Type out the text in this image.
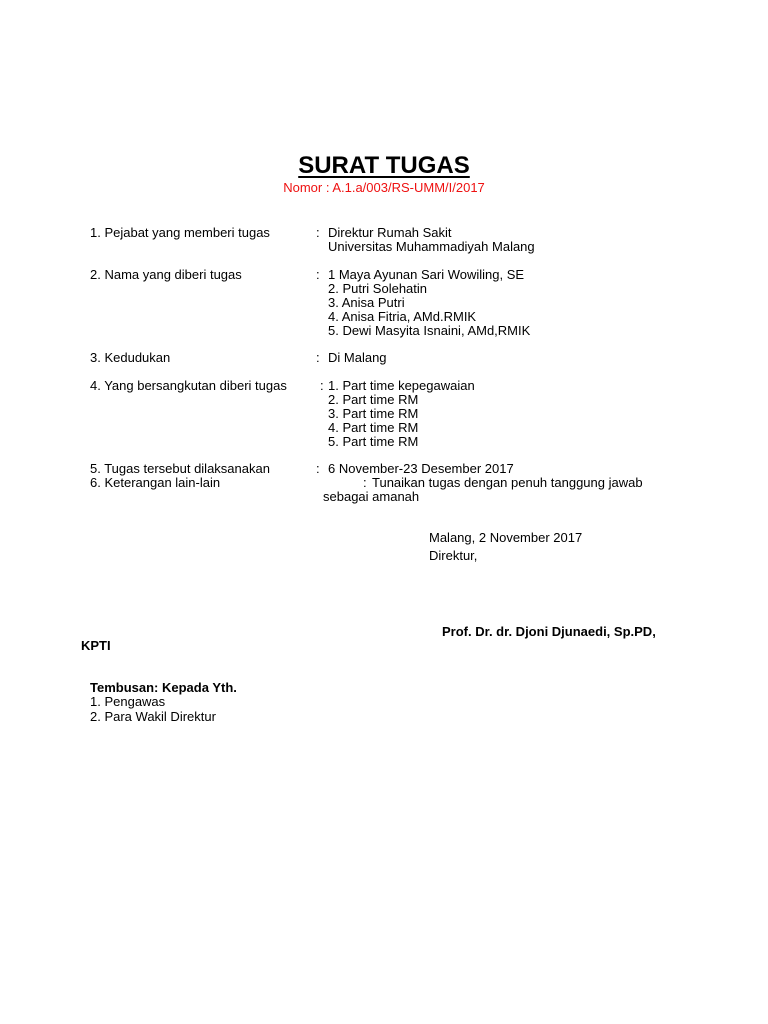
SURAT TUGAS
Nomor : A.1.a/003/RS-UMM/I/2017
1. Pejabat yang memberi tugas	: Direktur Rumah Sakit
Universitas Muhammadiyah Malang
2. Nama yang diberi tugas	: 1 Maya Ayunan Sari Wowiling, SE
2. Putri Solehatin
3. Anisa Putri
4. Anisa Fitria, AMd.RMIK
5. Dewi Masyita Isnaini, AMd,RMIK
3. Kedudukan	: Di Malang
4. Yang bersangkutan diberi tugas	: 1. Part time kepegawaian
2. Part time RM
3. Part time RM
4. Part time RM
5. Part time RM
5. Tugas tersebut dilaksanakan	: 6 November-23 Desember 2017
6. Keterangan lain-lain	: Tunaikan tugas dengan penuh tanggung jawab
sebagai amanah
Malang, 2 November 2017
Direktur,
Prof. Dr. dr. Djoni Djunaedi, Sp.PD,
KPTI
Tembusan: Kepada Yth.
1. Pengawas
2. Para Wakil Direktur
